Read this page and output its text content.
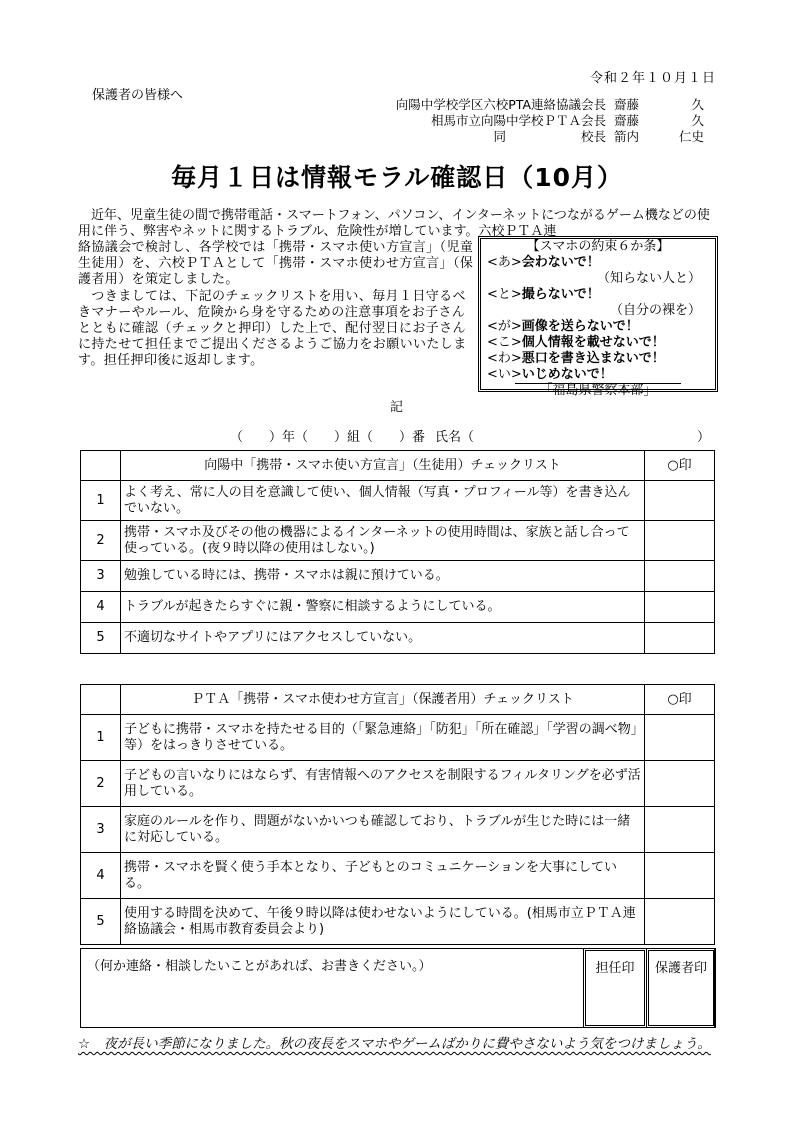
令和２年１０月１日
保護者の皆様へ
向陽中学校学区六校PTA連絡協議会長 齋藤	久
相馬市立向陽中学校ＰＴＡ会長 齋藤	久
同　　　　　　校長 箭内	仁史
毎月１日は情報モラル確認日（10月）
近年、児童生徒の間で携帯電話・スマートフォン、パソコン、インターネットにつながるゲーム機などの使用に伴う、弊害やネットに関するトラブル、危険性が増しています。六校ＰＴＡ連
絡協議会で検討し、各学校では「携帯・スマホ使い方宣言」（児童生徒用）を、六校ＰＴＡとして「携帯・スマホ使わせ方宣言」（保護者用）を策定しました。
　つきましては、下記のチェックリストを用い、毎月１日守るべきマナーやルール、危険から身を守るための注意事項をお子さんとともに確認（チェックと押印）した上で、配付翌日にお子さんに持たせて担任までご提出くださるようご協力をお願いいたします。担任押印後に返却します。
【スマホの約束６か条】
<あ>会わないで！
（知らない人と）
<と>撮らないで！
（自分の裸を）
<が>画像を送らないで！
<こ>個人情報を載せないで！
<わ>悪口を書き込まないで！
<い>いじめないで！
「福島県警察本部」
記
（　　）年 （　　）組 （　　）番 氏名（	）
	向陽中「携帯・スマホ使い方宣言」（生徒用）チェックリスト	○印
1	よく考え、常に人の目を意識して使い、個人情報（写真・プロフィール等）を書き込んでいない。	
2	携帯・スマホ及びその他の機器によるインターネットの使用時間は、家族と話し合って使っている。(夜９時以降の使用はしない。)	
3	勉強している時には、携帯・スマホは親に預けている。	
4	トラブルが起きたらすぐに親・警察に相談するようにしている。	
5	不適切なサイトやアプリにはアクセスしていない。	
	ＰＴＡ「携帯・スマホ使わせ方宣言」（保護者用）チェックリスト	○印
1	子どもに携帯・スマホを持たせる目的（「緊急連絡」「防犯」「所在確認」「学習の調べ物」等）をはっきりさせている。	
2	子どもの言いなりにはならず、有害情報へのアクセスを制限するフィルタリングを必ず活用している。	
3	家庭のルールを作り、問題がないかいつも確認しており、トラブルが生じた時には一緒に対応している。	
4	携帯・スマホを賢く使う手本となり、子どもとのコミュニケーションを大事にしている。	
5	使用する時間を決めて、午後９時以降は使わせないようにしている。(相馬市立ＰＴＡ連絡協議会・相馬市教育委員会より)	
（何か連絡・相談したいことがあれば、お書きください。）	担任印	保護者印
☆　夜が長い季節になりました。秋の夜長をスマホやゲームばかりに費やさないよう気をつけましょう。
